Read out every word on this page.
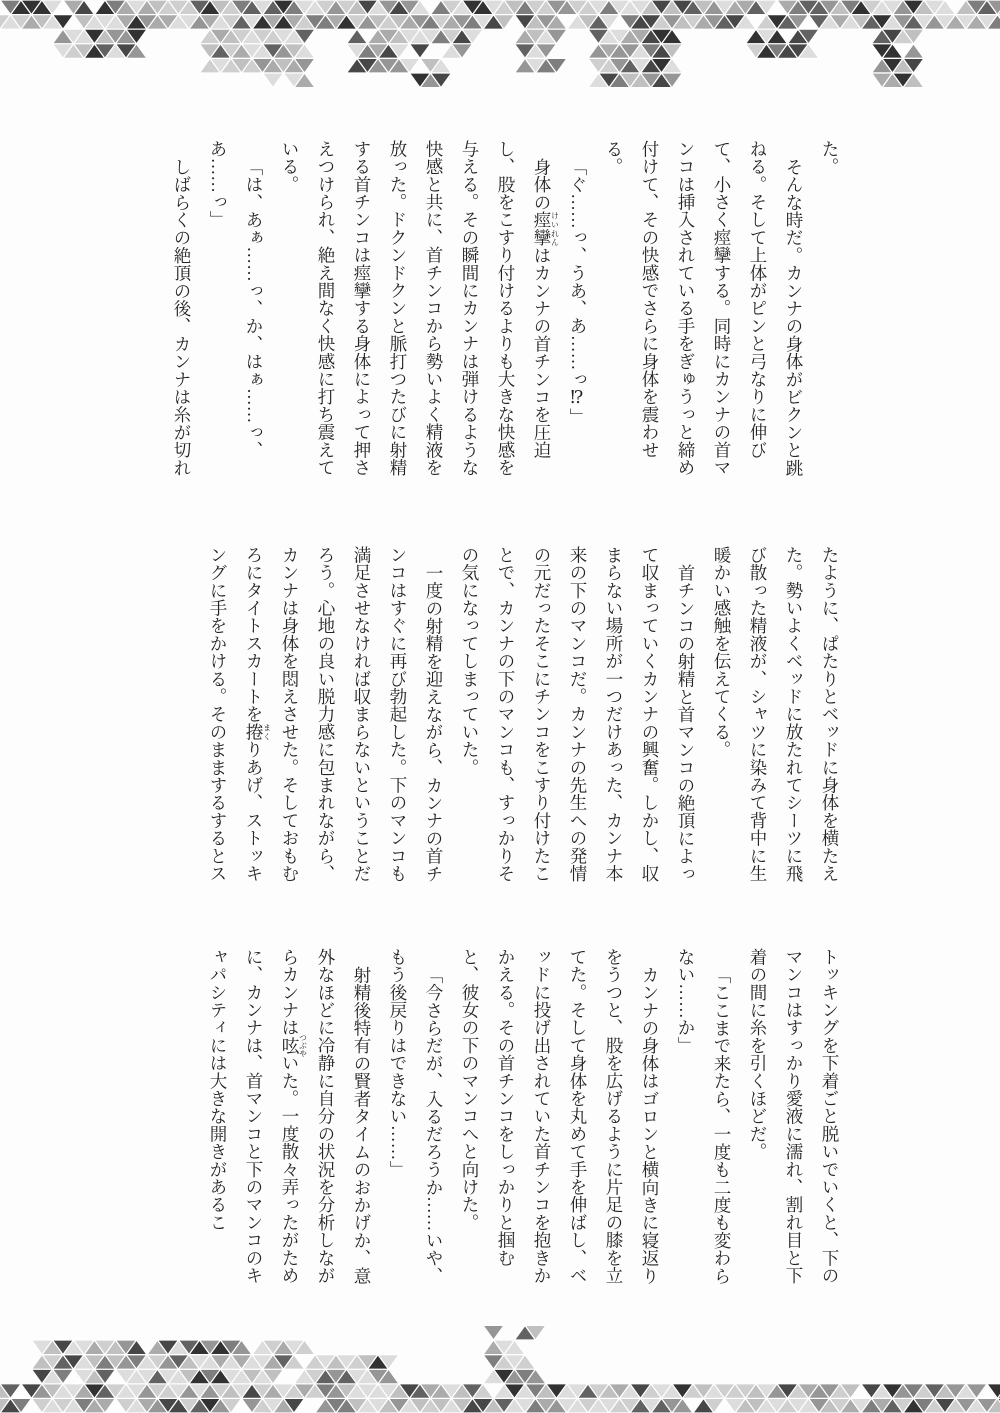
た。

そんな時だ。カンナの身体がビクンと跳ねる。そして上体がピンと弓なりに伸びて、小さく痙攣する。同時にカンナの首マンコは挿入されている手をぎゅうっと締め付けて、その快感でさらに身体を震わせる。

「ぐ……っ、うあ、あ……っ⁉」

身体の痙攣けいれんはカンナの首チンコを圧迫し、股をこすり付けるよりも大きな快感を与える。その瞬間にカンナは弾けるような快感と共に、首チンコから勢いよく精液を放った。ドクンドクンと脈打つたびに射精する首チンコは痙攣する身体によって押さえつけられ、絶え間なく快感に打ち震えている。

「は、あぁ……っ、か、はぁ……っ、あ……っ」

しばらくの絶頂の後、カンナは糸が切れ

たように、ぱたりとベッドに身体を横たえた。勢いよくベッドに放たれてシーツに飛び散った精液が、シャツに染みて背中に生暖かい感触を伝えてくる。

首チンコの射精と首マンコの絶頂によって収まっていくカンナの興奮。しかし、収まらない場所が一つだけあった、カンナ本来の下のマンコだ。カンナの先生への発情の元だったそこにチンコをこすり付けたことで、カンナの下のマンコも、すっかりその気になってしまっていた。

一度の射精を迎えながら、カンナの首チンコはすぐに再び勃起した。下のマンコも満足させなければ収まらないということだろう。心地の良い脱力感に包まれながら、カンナは身体を悶えさせた。そしておもむろにタイトスカートを捲まくりあげ、ストッキングに手をかける。そのままするするとス

トッキングを下着ごと脱いでいくと、下のマンコはすっかり愛液に濡れ、割れ目と下着の間に糸を引くほどだ。

「ここまで来たら、一度も二度も変わらない……か」

カンナの身体はゴロンと横向きに寝返りをうつと、股を広げるように片足の膝を立てた。そして身体を丸めて手を伸ばし、ベッドに投げ出されていた首チンコを抱きかかえる。その首チンコをしっかりと掴むと、彼女の下のマンコへと向けた。

「今さらだが、入るだろうか……いや、もう後戻りはできない……」

射精後特有の賢者タイムのおかげか、意外なほどに冷静に自分の状況を分析しながらカンナは呟つぶやいた。一度散々弄ったがために、カンナは、首マンコと下のマンコのキャパシティには大きな開きがあるこ
